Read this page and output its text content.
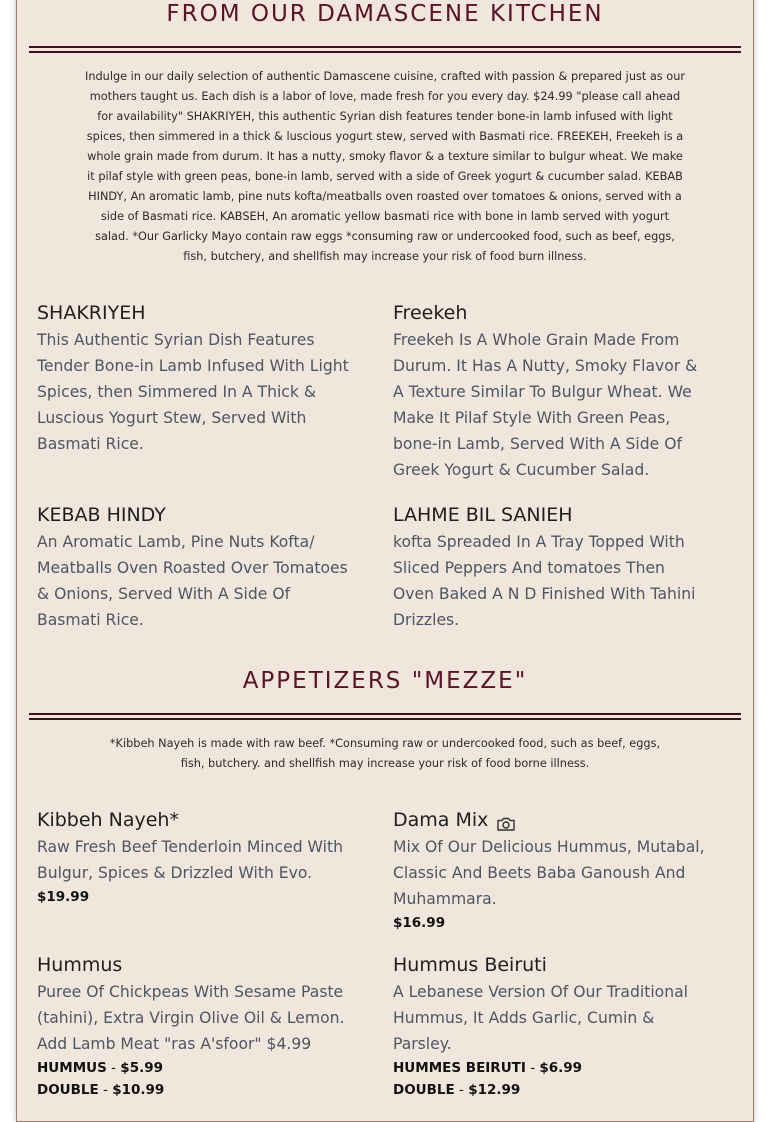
FROM OUR DAMASCENE KITCHEN

Indulge in our daily selection of authentic Damascene cuisine, crafted with passion & prepared just as our mothers taught us. Each dish is a labor of love, made fresh for you every day. $24.99 "please call ahead for availability" SHAKRIYEH, this authentic Syrian dish features tender bone-in lamb infused with light spices, then simmered in a thick & luscious yogurt stew, served with Basmati rice. FREEKEH, Freekeh is a whole grain made from durum. It has a nutty, smoky flavor & a texture similar to bulgur wheat. We make it pilaf style with green peas, bone-in lamb, served with a side of Greek yogurt & cucumber salad. KEBAB HINDY, An aromatic lamb, pine nuts kofta/meatballs oven roasted over tomatoes & onions, served with a side of Basmati rice. KABSEH, An aromatic yellow basmati rice with bone in lamb served with yogurt salad. *Our Garlicky Mayo contain raw eggs *consuming raw or undercooked food, such as beef, eggs, fish, butchery, and shellfish may increase your risk of food burn illness.

SHAKRIYEH

This Authentic Syrian Dish Features Tender Bone-in Lamb Infused With Light Spices, then Simmered In A Thick & Luscious Yogurt Stew, Served With Basmati Rice.

Freekeh

Freekeh Is A Whole Grain Made From Durum. It Has A Nutty, Smoky Flavor & A Texture Similar To Bulgur Wheat. We Make It Pilaf Style With Green Peas, bone-in Lamb, Served With A Side Of Greek Yogurt & Cucumber Salad.

KEBAB HINDY

An Aromatic Lamb, Pine Nuts Kofta/ Meatballs Oven Roasted Over Tomatoes & Onions, Served With A Side Of Basmati Rice.

LAHME BIL SANIEH

kofta Spreaded In A Tray Topped With Sliced Peppers And tomatoes Then Oven Baked A N D Finished With Tahini Drizzles.

APPETIZERS "MEZZE"

*Kibbeh Nayeh is made with raw beef. *Consuming raw or undercooked food, such as beef, eggs, fish, butchery. and shellfish may increase your risk of food borne illness.

Kibbeh Nayeh*

Raw Fresh Beef Tenderloin Minced With Bulgur, Spices & Drizzled With Evo.

$19.99

Dama Mix

Mix Of Our Delicious Hummus, Mutabal, Classic And Beets Baba Ganoush And Muhammara.

$16.99

Hummus

Puree Of Chickpeas With Sesame Paste (tahini), Extra Virgin Olive Oil & Lemon. Add Lamb Meat "ras A'sfoor" $4.99

HUMMUS - $5.99

DOUBLE - $10.99

Hummus Beiruti

A Lebanese Version Of Our Traditional Hummus, It Adds Garlic, Cumin & Parsley.

HUMMES BEIRUTI - $6.99

DOUBLE - $12.99
